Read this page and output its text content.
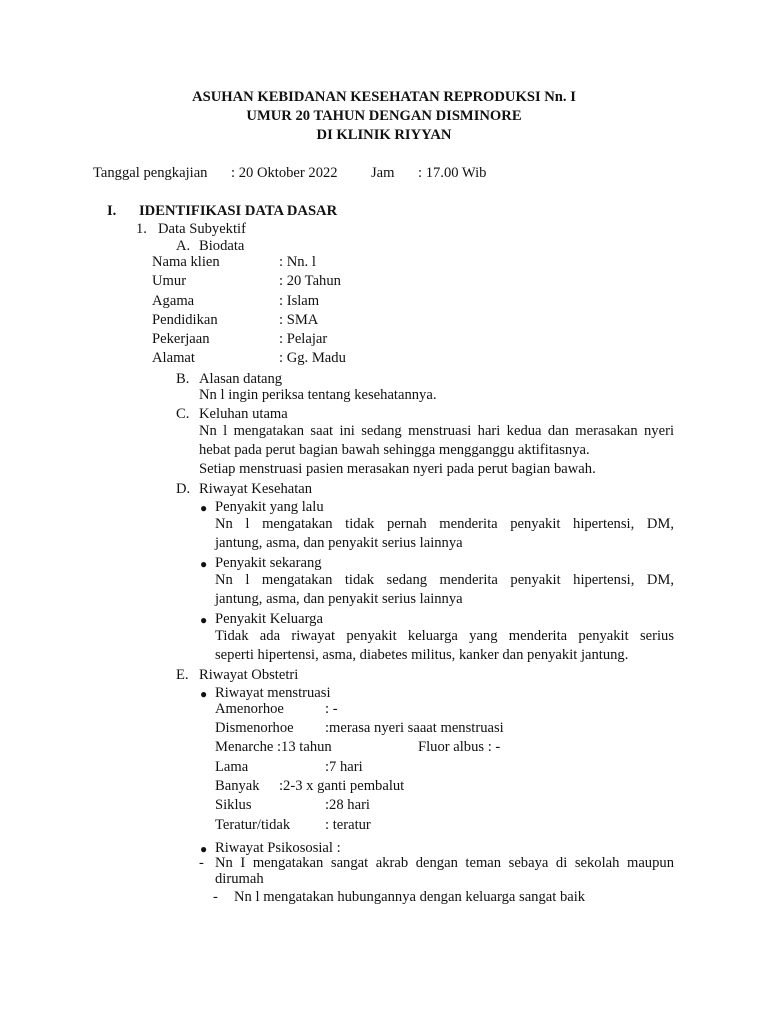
ASUHAN KEBIDANAN KESEHATAN REPRODUKSI Nn. I
UMUR 20 TAHUN DENGAN DISMINORE
DI KLINIK RIYYAN
Tanggal pengkajian : 20 Oktober 2022 Jam : 17.00 Wib
I. IDENTIFIKASI DATA DASAR
1. Data Subyektif
A. Biodata
Nama klien	: Nn. l
Umur	: 20 Tahun
Agama	: Islam
Pendidikan	: SMA
Pekerjaan	: Pelajar
Alamat	: Gg. Madu
B. Alasan datang
Nn l ingin periksa tentang kesehatannya.
C. Keluhan utama
Nn l mengatakan saat ini sedang menstruasi hari kedua dan merasakan nyeri
hebat pada perut bagian bawah sehingga mengganggu aktifitasnya.
Setiap menstruasi pasien merasakan nyeri pada perut bagian bawah.
D. Riwayat Kesehatan
● Penyakit yang lalu
Nn l mengatakan tidak pernah menderita penyakit hipertensi, DM,
jantung, asma, dan penyakit serius lainnya
● Penyakit sekarang
Nn l mengatakan tidak sedang menderita penyakit hipertensi, DM,
jantung, asma, dan penyakit serius lainnya
● Penyakit Keluarga
Tidak ada riwayat penyakit keluarga yang menderita penyakit serius
seperti hipertensi, asma, diabetes militus, kanker dan penyakit jantung.
E. Riwayat Obstetri
● Riwayat menstruasi
Amenorhoe	: -
Dismenorhoe :merasa nyeri saaat menstruasi
Menarche :13 tahun	Fluor albus : -
Lama	:7 hari
Banyak :2-3 x ganti pembalut
Siklus	:28 hari
Teratur/tidak : teratur
● Riwayat Psikososial :
- Nn I mengatakan sangat akrab dengan teman sebaya di sekolah maupun
dirumah
- Nn l mengatakan hubungannya dengan keluarga sangat baik
